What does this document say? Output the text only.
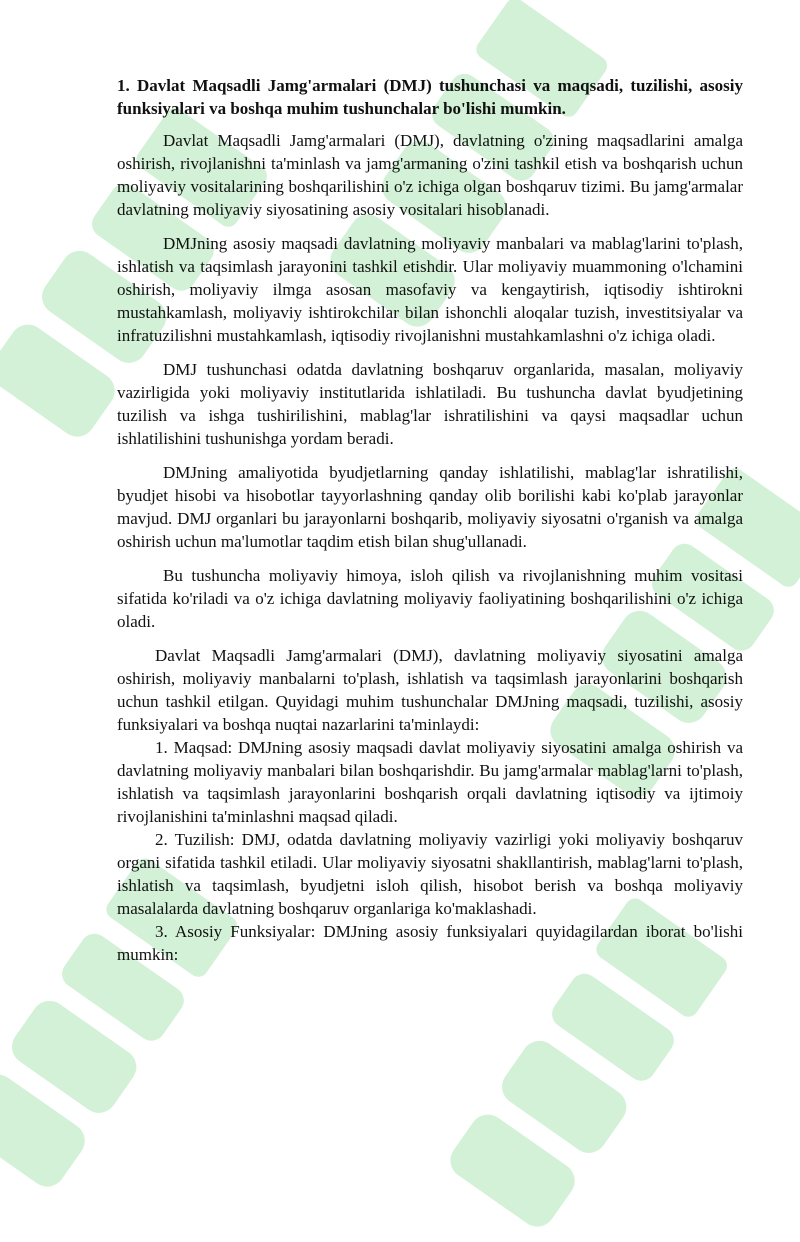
1. Davlat Maqsadli Jamg'armalari (DMJ) tushunchasi va maqsadi, tuzilishi, asosiy funksiyalari va boshqa muhim tushunchalar bo'lishi mumkin.

Davlat Maqsadli Jamg'armalari (DMJ), davlatning o'zining maqsadlarini amalga oshirish, rivojlanishni ta'minlash va jamg'armaning o'zini tashkil etish va boshqarish uchun moliyaviy vositalarining boshqarilishini o'z ichiga olgan boshqaruv tizimi. Bu jamg'armalar davlatning moliyaviy siyosatining asosiy vositalari hisoblanadi.

DMJning asosiy maqsadi davlatning moliyaviy manbalari va mablag'larini to'plash, ishlatish va taqsimlash jarayonini tashkil etishdir. Ular moliyaviy muammoning o'lchamini oshirish, moliyaviy ilmga asosan masofaviy va kengaytirish, iqtisodiy ishtirokni mustahkamlash, moliyaviy ishtirokchilar bilan ishonchli aloqalar tuzish, investitsiyalar va infratuzilishni mustahkamlash, iqtisodiy rivojlanishni mustahkamlashni o'z ichiga oladi.

DMJ tushunchasi odatda davlatning boshqaruv organlarida, masalan, moliyaviy vazirligida yoki moliyaviy institutlarida ishlatiladi. Bu tushuncha davlat byudjetining tuzilish va ishga tushirilishini, mablag'lar ishratilishini va qaysi maqsadlar uchun ishlatilishini tushunishga yordam beradi.

DMJning amaliyotida byudjetlarning qanday ishlatilishi, mablag'lar ishratilishi, byudjet hisobi va hisobotlar tayyorlashning qanday olib borilishi kabi ko'plab jarayonlar mavjud. DMJ organlari bu jarayonlarni boshqarib, moliyaviy siyosatni o'rganish va amalga oshirish uchun ma'lumotlar taqdim etish bilan shug'ullanadi.

Bu tushuncha moliyaviy himoya, isloh qilish va rivojlanishning muhim vositasi sifatida ko'riladi va o'z ichiga davlatning moliyaviy faoliyatining boshqarilishini o'z ichiga oladi.

Davlat Maqsadli Jamg'armalari (DMJ), davlatning moliyaviy siyosatini amalga oshirish, moliyaviy manbalarni to'plash, ishlatish va taqsimlash jarayonlarini boshqarish uchun tashkil etilgan. Quyidagi muhim tushunchalar DMJning maqsadi, tuzilishi, asosiy funksiyalari va boshqa nuqtai nazarlarini ta'minlaydi:

1. Maqsad: DMJning asosiy maqsadi davlat moliyaviy siyosatini amalga oshirish va davlatning moliyaviy manbalari bilan boshqarishdir. Bu jamg'armalar mablag'larni to'plash, ishlatish va taqsimlash jarayonlarini boshqarish orqali davlatning iqtisodiy va ijtimoiy rivojlanishini ta'minlashni maqsad qiladi.

2. Tuzilish: DMJ, odatda davlatning moliyaviy vazirligi yoki moliyaviy boshqaruv organi sifatida tashkil etiladi. Ular moliyaviy siyosatni shakllantirish, mablag'larni to'plash, ishlatish va taqsimlash, byudjetni isloh qilish, hisobot berish va boshqa moliyaviy masalalarda davlatning boshqaruv organlariga ko'maklashadi.

3. Asosiy Funksiyalar: DMJning asosiy funksiyalari quyidagilardan iborat bo'lishi mumkin:
